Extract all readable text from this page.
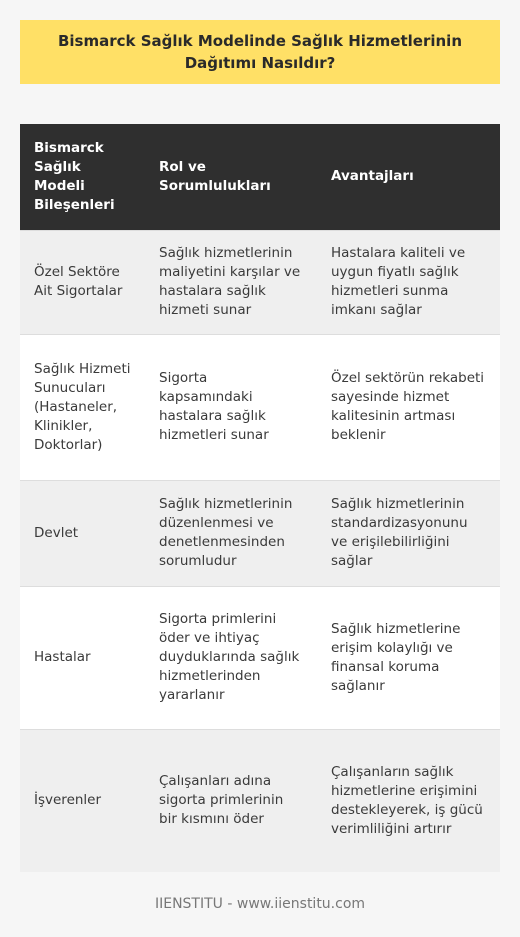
Bismarck Sağlık Modelinde Sağlık Hizmetlerinin Dağıtımı Nasıldır?
Bismarck Sağlık Modeli Bileşenleri	Rol ve Sorumlulukları	Avantajları
Özel Sektöre Ait Sigortalar	Sağlık hizmetlerinin maliyetini karşılar ve hastalara sağlık hizmeti sunar	Hastalara kaliteli ve uygun fiyatlı sağlık hizmetleri sunma imkanı sağlar
Sağlık Hizmeti Sunucuları (Hastaneler, Klinikler, Doktorlar)	Sigorta kapsamındaki hastalara sağlık hizmetleri sunar	Özel sektörün rekabeti sayesinde hizmet kalitesinin artması beklenir
Devlet	Sağlık hizmetlerinin düzenlenmesi ve denetlenmesinden sorumludur	Sağlık hizmetlerinin standardizasyonunu ve erişilebilirliğini sağlar
Hastalar	Sigorta primlerini öder ve ihtiyaç duyduklarında sağlık hizmetlerinden yararlanır	Sağlık hizmetlerine erişim kolaylığı ve finansal koruma sağlanır
İşverenler	Çalışanları adına sigorta primlerinin bir kısmını öder	Çalışanların sağlık hizmetlerine erişimini destekleyerek, iş gücü verimliliğini artırır
IIENSTITU - www.iienstitu.com
